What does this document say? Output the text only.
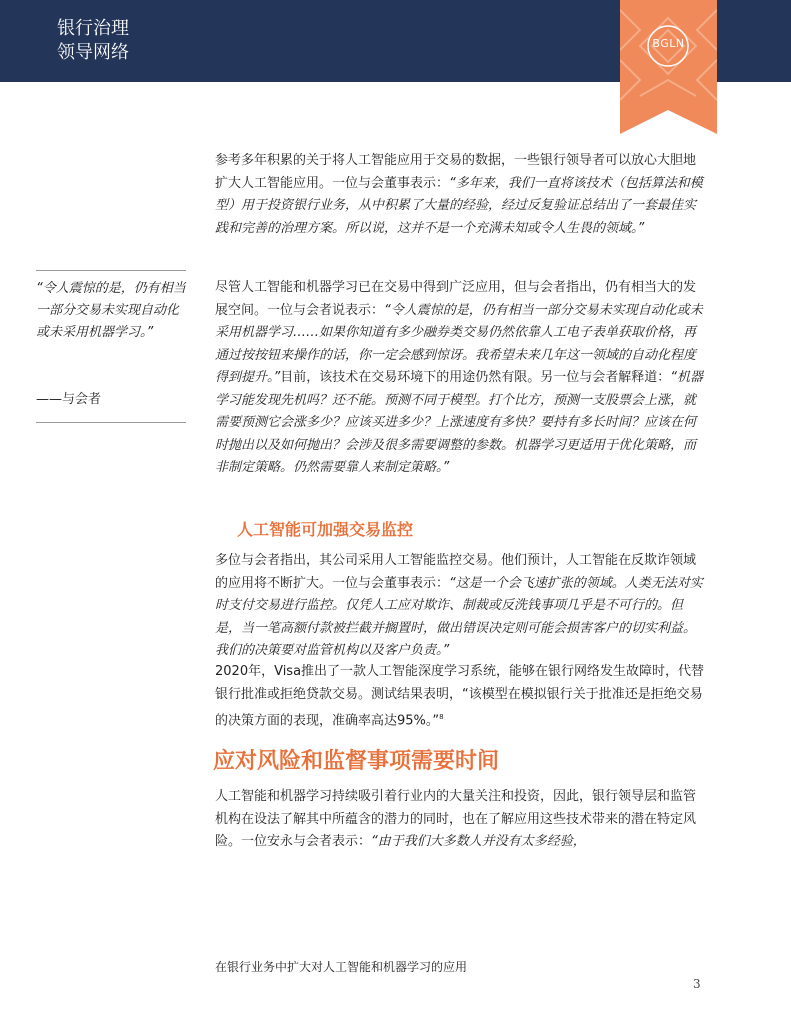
银行治理
领导网络	BGLN
“令人震惊的是，仍有相当一部分交易未实现自动化或未采用机器学习。”
——与会者
参考多年积累的关于将人工智能应用于交易的数据，一些银行领导者可以放心大胆地扩大人工智能应用。一位与会董事表示：“多年来，我们一直将该技术（包括算法和模型）用于投资银行业务，从中积累了大量的经验，经过反复验证总结出了一套最佳实践和完善的治理方案。所以说，这并不是一个充满未知或令人生畏的领域。”
尽管人工智能和机器学习已在交易中得到广泛应用，但与会者指出，仍有相当大的发展空间。一位与会者说表示：“令人震惊的是，仍有相当一部分交易未实现自动化或未采用机器学习……如果你知道有多少融券类交易仍然依靠人工电子表单获取价格，再通过按按钮来操作的话，你一定会感到惊讶。我希望未来几年这一领域的自动化程度得到提升。”目前，该技术在交易环境下的用途仍然有限。另一位与会者解释道：“机器学习能发现先机吗？还不能。预测不同于模型。打个比方，预测一支股票会上涨，就需要预测它会涨多少？应该买进多少？上涨速度有多快？要持有多长时间？应该在何时抛出以及如何抛出？会涉及很多需要调整的参数。机器学习更适用于优化策略，而非制定策略。仍然需要靠人来制定策略。”
人工智能可加强交易监控
多位与会者指出，其公司采用人工智能监控交易。他们预计，人工智能在反欺诈领域的应用将不断扩大。一位与会董事表示：“这是一个会飞速扩张的领域。人类无法对实时支付交易进行监控。仅凭人工应对欺诈、制裁或反洗钱事项几乎是不可行的。但是，当一笔高额付款被拦截并搁置时，做出错误决定则可能会损害客户的切实利益。我们的决策要对监管机构以及客户负责。”
2020年，Visa推出了一款人工智能深度学习系统，能够在银行网络发生故障时，代替银行批准或拒绝贷款交易。测试结果表明，“该模型在模拟银行关于批准还是拒绝交易的决策方面的表现，准确率高达95%。”$^8$
应对风险和监督事项需要时间
人工智能和机器学习持续吸引着行业内的大量关注和投资，因此，银行领导层和监管机构在设法了解其中所蕴含的潜力的同时，也在了解应用这些技术带来的潜在特定风险。一位安永与会者表示：“由于我们大多数人并没有太多经验，
在银行业务中扩大对人工智能和机器学习的应用
3
